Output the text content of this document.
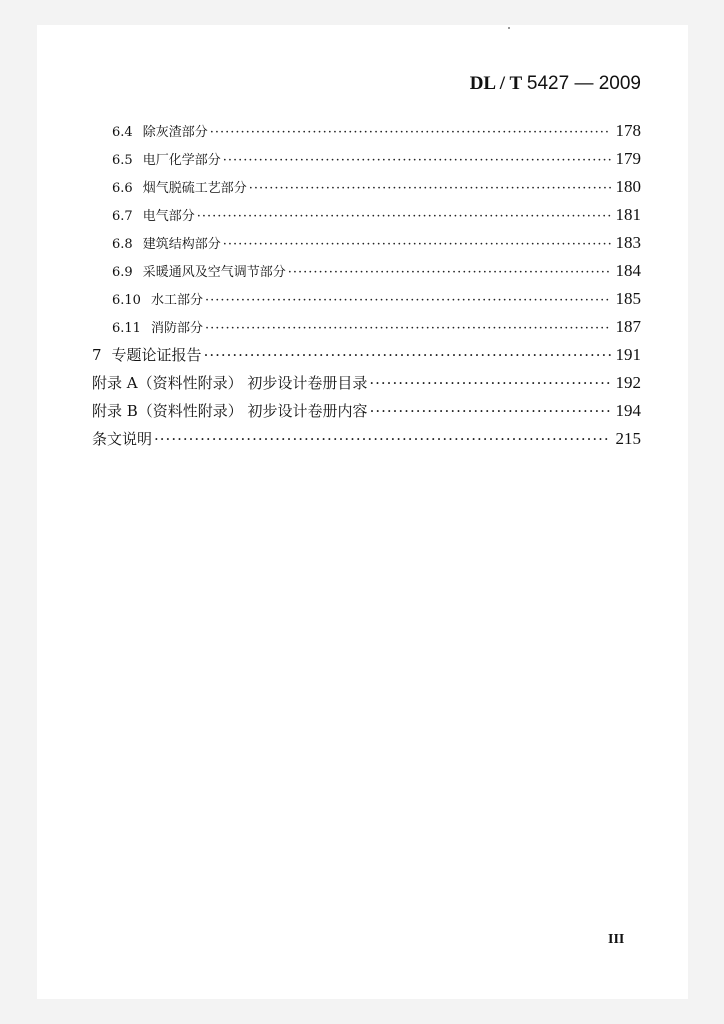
DL / T 5427 — 2009
6.4 除灰渣部分 ·····	178
6.5 电厂化学部分 ·····	179
6.6 烟气脱硫工艺部分 ·····	180
6.7 电气部分 ·····	181
6.8 建筑结构部分 ·····	183
6.9 采暖通风及空气调节部分 ·····	184
6.10 水工部分 ·····	185
6.11 消防部分 ·····	187
7 专题论证报告 ·····	191
附录 A（资料性附录） 初步设计卷册目录 ·····	192
附录 B（资料性附录） 初步设计卷册内容 ·····	194
条文说明 ·····	215
III
